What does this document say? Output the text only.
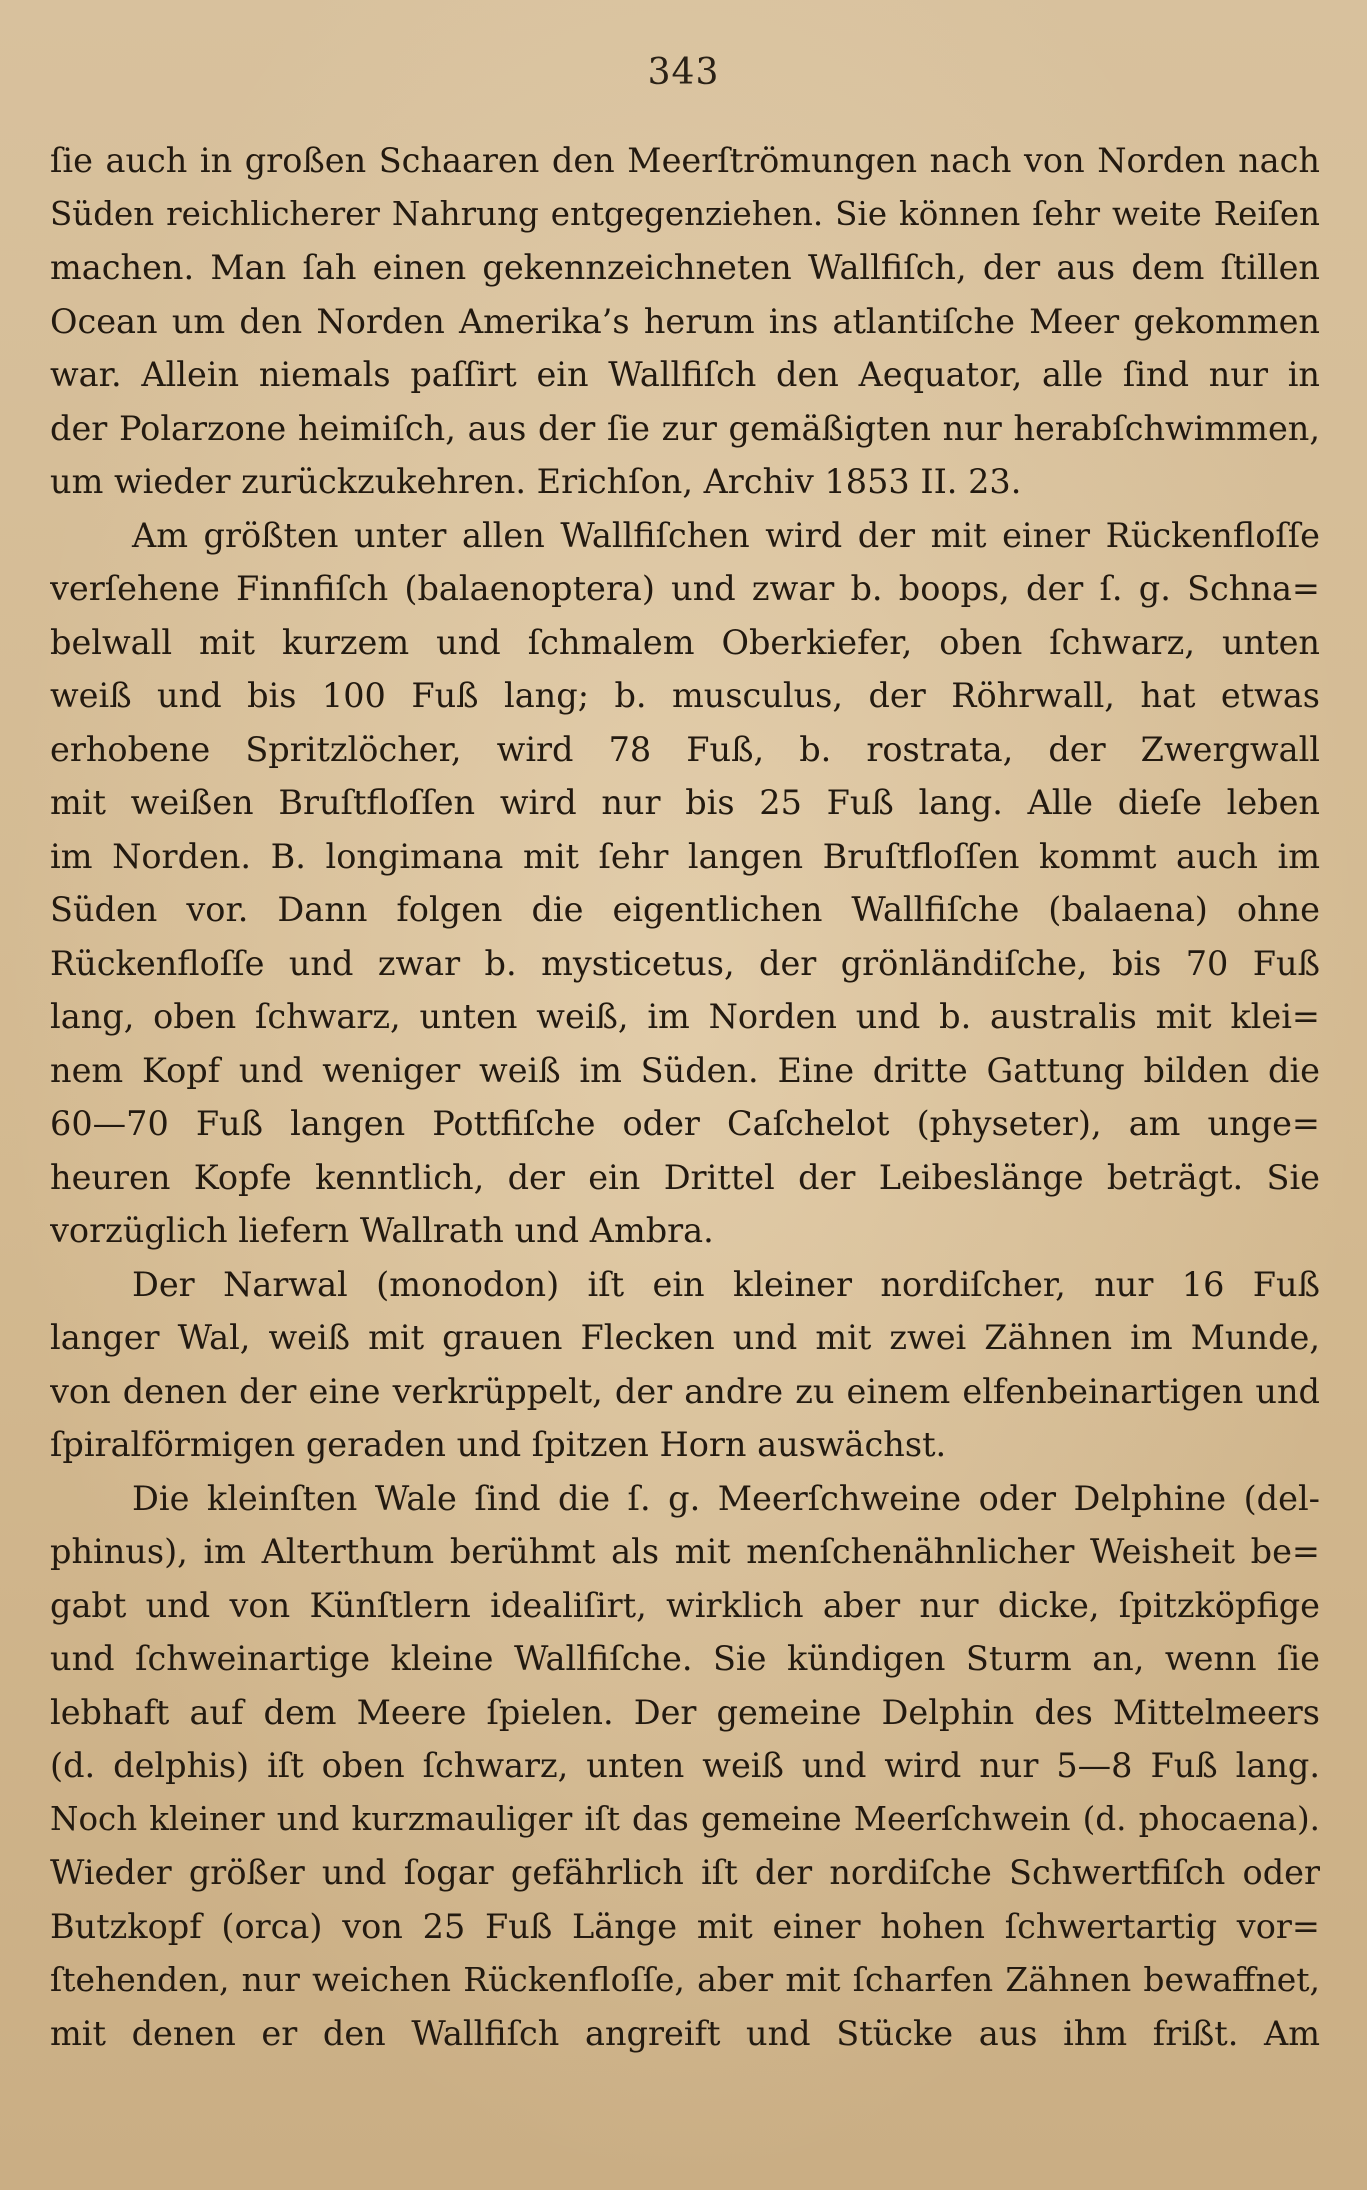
343
ſie auch in großen Schaaren den Meerſtrömungen nach von Norden nach
Süden reichlicherer Nahrung entgegenziehen. Sie können ſehr weite Reiſen
machen. Man ſah einen gekennzeichneten Wallfiſch, der aus dem ſtillen
Ocean um den Norden Amerika’s herum ins atlantiſche Meer gekommen
war. Allein niemals paſſirt ein Wallfiſch den Aequator, alle ſind nur in
der Polarzone heimiſch, aus der ſie zur gemäßigten nur herabſchwimmen,
um wieder zurückzukehren. Erichſon, Archiv 1853 II. 23.
Am größten unter allen Wallfiſchen wird der mit einer Rückenfloſſe
verſehene Finnfiſch (balaenoptera) und zwar b. boops, der ſ. g. Schna=
belwall mit kurzem und ſchmalem Oberkiefer, oben ſchwarz, unten
weiß und bis 100 Fuß lang; b. musculus, der Röhrwall, hat etwas
erhobene Spritzlöcher, wird 78 Fuß, b. rostrata, der Zwergwall
mit weißen Bruſtfloſſen wird nur bis 25 Fuß lang. Alle dieſe leben
im Norden. B. longimana mit ſehr langen Bruſtfloſſen kommt auch im
Süden vor. Dann folgen die eigentlichen Wallfiſche (balaena) ohne
Rückenfloſſe und zwar b. mysticetus, der grönländiſche, bis 70 Fuß
lang, oben ſchwarz, unten weiß, im Norden und b. australis mit klei=
nem Kopf und weniger weiß im Süden. Eine dritte Gattung bilden die
60—70 Fuß langen Pottfiſche oder Caſchelot (physeter), am unge=
heuren Kopfe kenntlich, der ein Drittel der Leibeslänge beträgt. Sie
vorzüglich liefern Wallrath und Ambra.
Der Narwal (monodon) iſt ein kleiner nordiſcher, nur 16 Fuß
langer Wal, weiß mit grauen Flecken und mit zwei Zähnen im Munde,
von denen der eine verkrüppelt, der andre zu einem elfenbeinartigen und
ſpiralförmigen geraden und ſpitzen Horn auswächst.
Die kleinſten Wale ſind die ſ. g. Meerſchweine oder Delphine (del-
phinus), im Alterthum berühmt als mit menſchenähnlicher Weisheit be=
gabt und von Künſtlern idealiſirt, wirklich aber nur dicke, ſpitzköpfige
und ſchweinartige kleine Wallfiſche. Sie kündigen Sturm an, wenn ſie
lebhaft auf dem Meere ſpielen. Der gemeine Delphin des Mittelmeers
(d. delphis) iſt oben ſchwarz, unten weiß und wird nur 5—8 Fuß lang.
Noch kleiner und kurzmauliger iſt das gemeine Meerſchwein (d. phocaena).
Wieder größer und ſogar gefährlich iſt der nordiſche Schwertfiſch oder
Butzkopf (orca) von 25 Fuß Länge mit einer hohen ſchwertartig vor=
ſtehenden, nur weichen Rückenfloſſe, aber mit ſcharfen Zähnen bewaffnet,
mit denen er den Wallfiſch angreift und Stücke aus ihm frißt. Am
